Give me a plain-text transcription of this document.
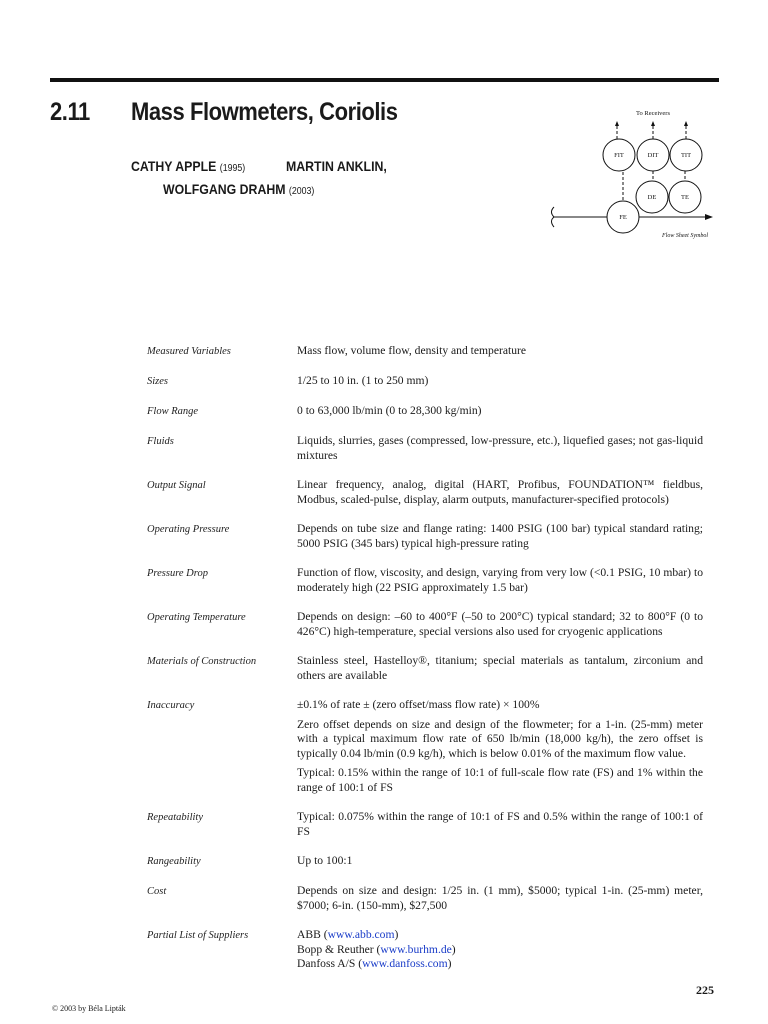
2.11 Mass Flowmeters, Coriolis
CATHY APPLE (1995)	MARTIN ANKLIN,
WOLFGANG DRAHM (2003)
To Receivers
FIT	DIT	TIT
DE	TE
FE
Flow Sheet Symbol
Measured Variables	Mass flow, volume flow, density and temperature

Sizes	1/25 to 10 in. (1 to 250 mm)

Flow Range	0 to 63,000 lb/min (0 to 28,300 kg/min)

Fluids	Liquids, slurries, gases (compressed, low-pressure, etc.), liquefied gases; not gas-liquid mixtures

Output Signal	Linear frequency, analog, digital (HART, Profibus, FOUNDATION™ fieldbus, Modbus, scaled-pulse, display, alarm outputs, manufacturer-specified protocols)

Operating Pressure	Depends on tube size and flange rating: 1400 PSIG (100 bar) typical standard rating; 5000 PSIG (345 bars) typical high-pressure rating

Pressure Drop	Function of flow, viscosity, and design, varying from very low (<0.1 PSIG, 10 mbar) to moderately high (22 PSIG approximately 1.5 bar)

Operating Temperature	Depends on design: –60 to 400°F (–50 to 200°C) typical standard; 32 to 800°F (0 to 426°C) high-temperature, special versions also used for cryogenic applications

Materials of Construction	Stainless steel, Hastelloy®, titanium; special materials as tantalum, zirconium and others are available

Inaccuracy	±0.1% of rate ± (zero offset/mass flow rate) × 100%

Zero offset depends on size and design of the flowmeter; for a 1-in. (25-mm) meter with a typical maximum flow rate of 650 lb/min (18,000 kg/h), the zero offset is typically 0.04 lb/min (0.9 kg/h), which is below 0.01% of the maximum flow value.

Typical: 0.15% within the range of 10:1 of full-scale flow rate (FS) and 1% within the range of 100:1 of FS

Repeatability	Typical: 0.075% within the range of 10:1 of FS and 0.5% within the range of 100:1 of FS

Rangeability	Up to 100:1

Cost	Depends on size and design: 1/25 in. (1 mm), $5000; typical 1-in. (25-mm) meter, $7000; 6-in. (150-mm), $27,500

Partial List of Suppliers	ABB (www.abb.com)
Bopp & Reuther (www.burhm.de)
Danfoss A/S (www.danfoss.com)
225
© 2003 by Béla Lipták
